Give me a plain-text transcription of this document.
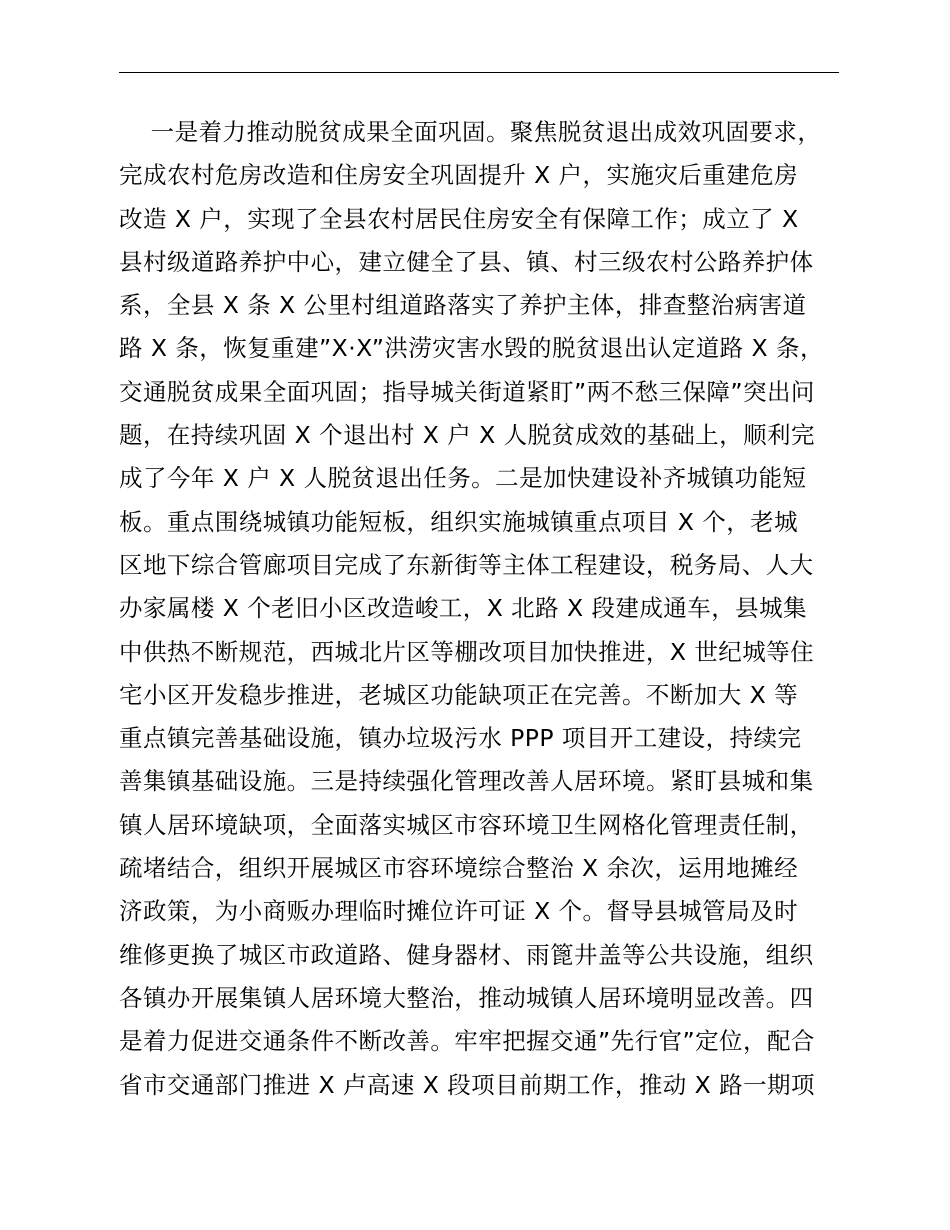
一是着力推动脱贫成果全面巩固。聚焦脱贫退出成效巩固要求，
完成农村危房改造和住房安全巩固提升 X 户，实施灾后重建危房
改造 X 户，实现了全县农村居民住房安全有保障工作；成立了 X
县村级道路养护中心，建立健全了县、镇、村三级农村公路养护体
系，全县 X 条 X 公里村组道路落实了养护主体，排查整治病害道
路 X 条，恢复重建”X·X”洪涝灾害水毁的脱贫退出认定道路 X 条，
交通脱贫成果全面巩固；指导城关街道紧盯”两不愁三保障”突出问
题，在持续巩固 X 个退出村 X 户 X 人脱贫成效的基础上，顺利完
成了今年 X 户 X 人脱贫退出任务。二是加快建设补齐城镇功能短
板。重点围绕城镇功能短板，组织实施城镇重点项目 X 个，老城
区地下综合管廊项目完成了东新街等主体工程建设，税务局、人大
办家属楼 X 个老旧小区改造峻工，X 北路 X 段建成通车，县城集
中供热不断规范，西城北片区等棚改项目加快推进，X 世纪城等住
宅小区开发稳步推进，老城区功能缺项正在完善。不断加大 X 等
重点镇完善基础设施，镇办垃圾污水 PPP 项目开工建设，持续完
善集镇基础设施。三是持续强化管理改善人居环境。紧盯县城和集
镇人居环境缺项，全面落实城区市容环境卫生网格化管理责任制，
疏堵结合，组织开展城区市容环境综合整治 X 余次，运用地摊经
济政策，为小商贩办理临时摊位许可证 X 个。督导县城管局及时
维修更换了城区市政道路、健身器材、雨篦井盖等公共设施，组织
各镇办开展集镇人居环境大整治，推动城镇人居环境明显改善。四
是着力促进交通条件不断改善。牢牢把握交通”先行官”定位，配合
省市交通部门推进 X 卢高速 X 段项目前期工作，推动 X 路一期项
